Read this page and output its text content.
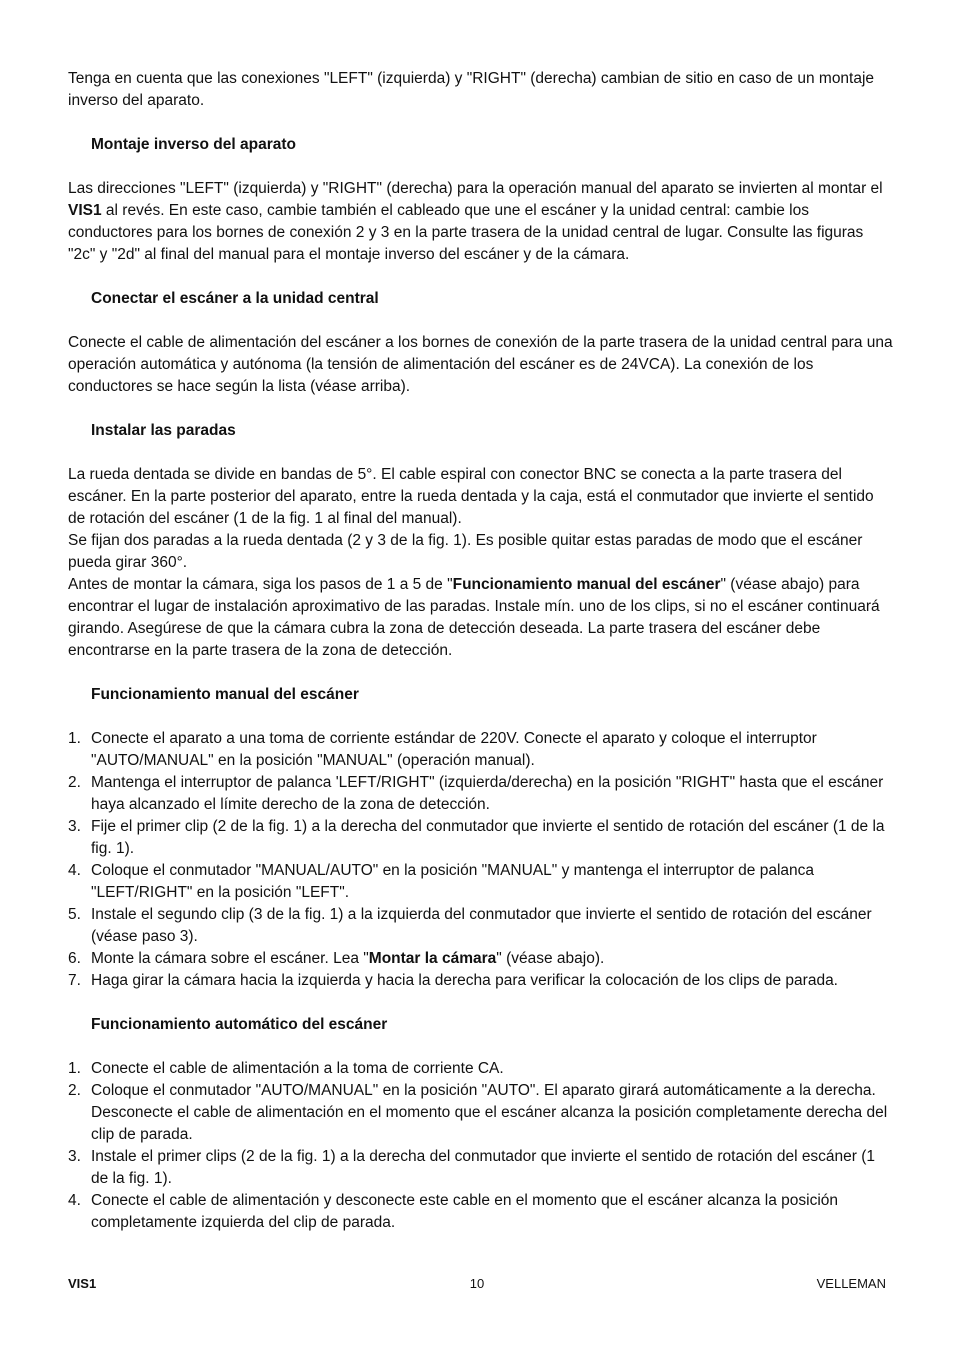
Tenga en cuenta que las conexiones "LEFT" (izquierda) y "RIGHT" (derecha) cambian de sitio en caso de un montaje inverso del aparato.

Montaje inverso del aparato

Las direcciones "LEFT" (izquierda) y "RIGHT" (derecha) para la operación manual del aparato se invierten al montar el VIS1 al revés. En este caso, cambie también el cableado que une el escáner y la unidad central: cambie los conductores para los bornes de conexión 2 y 3 en la parte trasera de la unidad central de lugar. Consulte las figuras "2c" y "2d" al final del manual para el montaje inverso del escáner y de la cámara.

Conectar el escáner a la unidad central

Conecte el cable de alimentación del escáner a los bornes de conexión de la parte trasera de la unidad central para una operación automática y autónoma (la tensión de alimentación del escáner es de 24VCA). La conexión de los conductores se hace según la lista (véase arriba).

Instalar las paradas

La rueda dentada se divide en bandas de 5°. El cable espiral con conector BNC se conecta a la parte trasera del escáner. En la parte posterior del aparato, entre la rueda dentada y la caja, está el conmutador que invierte el sentido de rotación del escáner (1 de la fig. 1 al final del manual).
Se fijan dos paradas a la rueda dentada (2 y 3 de la fig. 1). Es posible quitar estas paradas de modo que el escáner pueda girar 360°.
Antes de montar la cámara, siga los pasos de 1 a 5 de "Funcionamiento manual del escáner" (véase abajo) para encontrar el lugar de instalación aproximativo de las paradas. Instale mín. uno de los clips, si no el escáner continuará girando. Asegúrese de que la cámara cubra la zona de detección deseada. La parte trasera del escáner debe encontrarse en la parte trasera de la zona de detección.

Funcionamiento manual del escáner
1. Conecte el aparato a una toma de corriente estándar de 220V. Conecte el aparato y coloque el interruptor "AUTO/MANUAL" en la posición "MANUAL" (operación manual).
2. Mantenga el interruptor de palanca 'LEFT/RIGHT" (izquierda/derecha) en la posición "RIGHT" hasta que el escáner haya alcanzado el límite derecho de la zona de detección.
3. Fije el primer clip (2 de la fig. 1) a la derecha del conmutador que invierte el sentido de rotación del escáner (1 de la fig. 1).
4. Coloque el conmutador "MANUAL/AUTO" en la posición "MANUAL" y mantenga el interruptor de palanca "LEFT/RIGHT" en la posición "LEFT".
5. Instale el segundo clip (3 de la fig. 1) a la izquierda del conmutador que invierte el sentido de rotación del escáner (véase paso 3).
6. Monte la cámara sobre el escáner. Lea "Montar la cámara" (véase abajo).
7. Haga girar la cámara hacia la izquierda y hacia la derecha para verificar la colocación de los clips de parada.
Funcionamiento automático del escáner
1. Conecte el cable de alimentación a la toma de corriente CA.
2. Coloque el conmutador "AUTO/MANUAL" en la posición "AUTO". El aparato girará automáticamente a la derecha. Desconecte el cable de alimentación en el momento que el escáner alcanza la posición completamente derecha del clip de parada.
3. Instale el primer clips (2 de la fig. 1) a la derecha del conmutador que invierte el sentido de rotación del escáner (1 de la fig. 1).
4. Conecte el cable de alimentación y desconecte este cable en el momento que el escáner alcanza la posición completamente izquierda del clip de parada.
VIS1	10	VELLEMAN
